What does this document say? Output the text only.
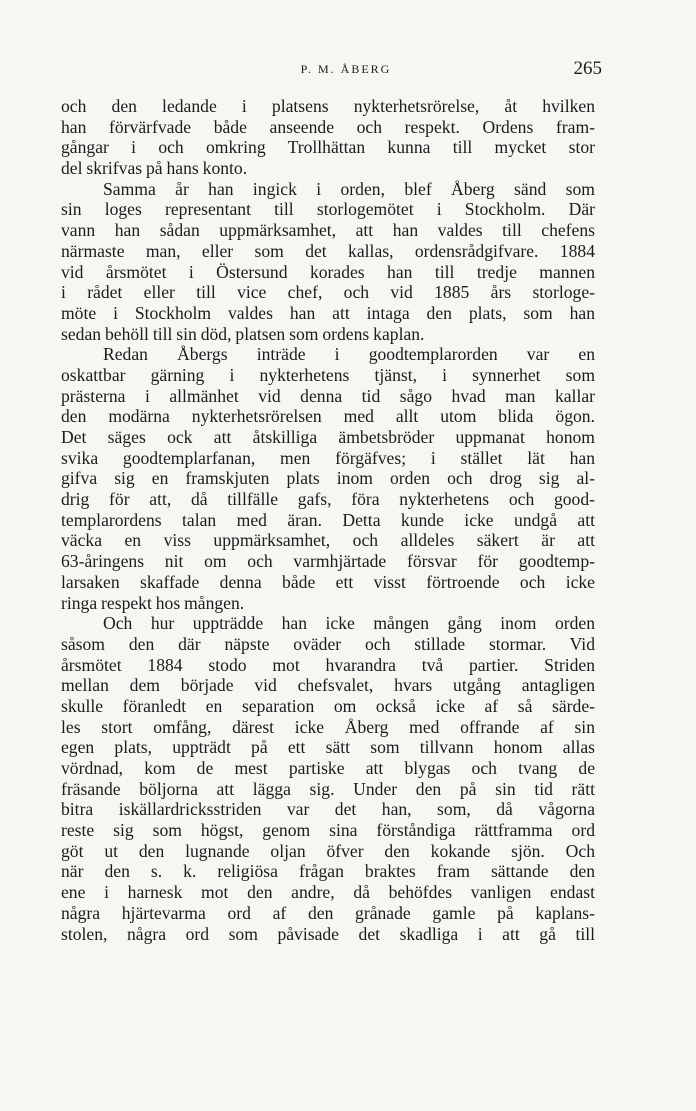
P. M. ÅBERG	265
och den ledande i platsens nykterhetsrörelse, åt hvilken
han förvärfvade både anseende och respekt. Ordens fram-
gångar i och omkring Trollhättan kunna till mycket stor
del skrifvas på hans konto.
Samma år han ingick i orden, blef Åberg sänd som
sin loges representant till storlogemötet i Stockholm. Där
vann han sådan uppmärksamhet, att han valdes till chefens
närmaste man, eller som det kallas, ordensrådgifvare. 1884
vid årsmötet i Östersund korades han till tredje mannen
i rådet eller till vice chef, och vid 1885 års storloge-
möte i Stockholm valdes han att intaga den plats, som han
sedan behöll till sin död, platsen som ordens kaplan.
Redan Åbergs inträde i goodtemplarorden var en
oskattbar gärning i nykterhetens tjänst, i synnerhet som
prästerna i allmänhet vid denna tid sågo hvad man kallar
den modärna nykterhetsrörelsen med allt utom blida ögon.
Det säges ock att åtskilliga ämbetsbröder uppmanat honom
svika goodtemplarfanan, men förgäfves; i stället lät han
gifva sig en framskjuten plats inom orden och drog sig al-
drig för att, då tillfälle gafs, föra nykterhetens och good-
templarordens talan med äran. Detta kunde icke undgå att
väcka en viss uppmärksamhet, och alldeles säkert är att
63-åringens nit om och varmhjärtade försvar för goodtemp-
larsaken skaffade denna både ett visst förtroende och icke
ringa respekt hos mången.
Och hur uppträdde han icke mången gång inom orden
såsom den där näpste oväder och stillade stormar. Vid
årsmötet 1884 stodo mot hvarandra två partier. Striden
mellan dem började vid chefsvalet, hvars utgång antagligen
skulle föranledt en separation om också icke af så särde-
les stort omfång, därest icke Åberg med offrande af sin
egen plats, uppträdt på ett sätt som tillvann honom allas
vördnad, kom de mest partiske att blygas och tvang de
fräsande böljorna att lägga sig. Under den på sin tid rätt
bitra iskällardricksstriden var det han, som, då vågorna
reste sig som högst, genom sina förståndiga rättframma ord
göt ut den lugnande oljan öfver den kokande sjön. Och
när den s. k. religiösa frågan braktes fram sättande den
ene i harnesk mot den andre, då behöfdes vanligen endast
några hjärtevarma ord af den grånade gamle på kaplans-
stolen, några ord som påvisade det skadliga i att gå till
